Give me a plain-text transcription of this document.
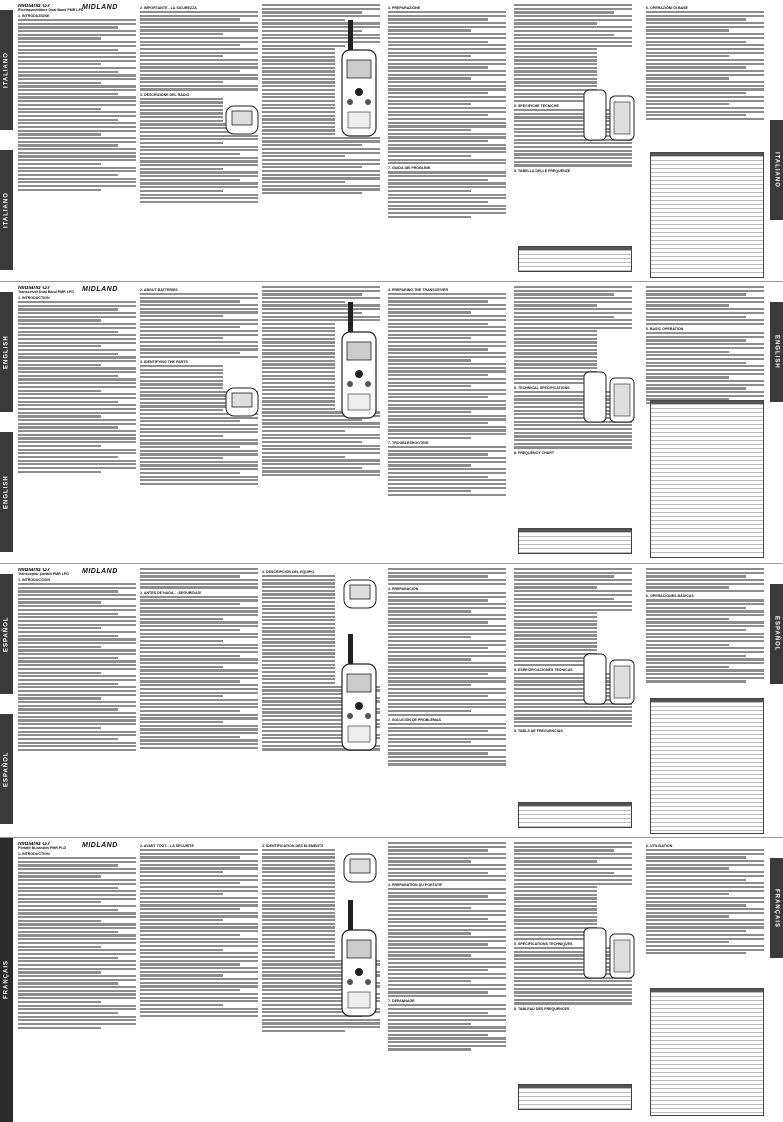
ITALIANO
ITALIANO
ITALIANO
Midland G7
Ricetrasmettitore Dual Band PMR LPD
1. INTRODUZIONE
MIDLAND	2. IMPORTANTE - LA SICUREZZA
3. DESCRIZIONE DEL RADIO
4. PREPARAZIONE
7. GUIDA DEI PROBLEMI
5. SPECIFICHE TECNICHE
8. TABELLA DELLE FREQUENZE
6. OPERAZIONI DI BASE
ENGLISH
ENGLISH
ENGLISH
Midland G7
Transceiver Dual Band PMR LPD
1. INTRODUCTION
MIDLAND	2. ABOUT BATTERIES
3. IDENTIFYING THE PARTS
4. PREPARING THE TRANSCEIVER
7. TROUBLESHOOTING
5. TECHNICAL SPECIFICATIONS
8. FREQUENCY CHART
6. BASIC OPERATION
ESPAÑOL
ESPAÑOL
ESPAÑOL
Midland G7
Transceptor portátil PMR LPD
1. INTRODUCCIÓN
MIDLAND
2. ANTES DE NADA... ¡SEGURIDAD!
3. DESCRIPCIÓN DEL EQUIPO
4. PREPARACIÓN
7. SOLUCIÓN DE PROBLEMAS
5. ESPECIFICACIONES TÉCNICAS
8. TABLA DE FRECUENCIAS
6. OPERACIONES BÁSICAS
FRANÇAIS
FRANÇAIS
Midland G7
Portatif Bi-bandes PMR PLD
1. INTRODUCTION
MIDLAND	2. AVANT TOUT... LA SECURITE	3. IDENTIFICATION DES ELEMENTS
4. PREPARATION DU PORTATIF
7. DEPANNAGE
5. SPECIFICATIONS TECHNIQUES
8. TABLEAU DES FREQUENCES
6. UTILISATION
